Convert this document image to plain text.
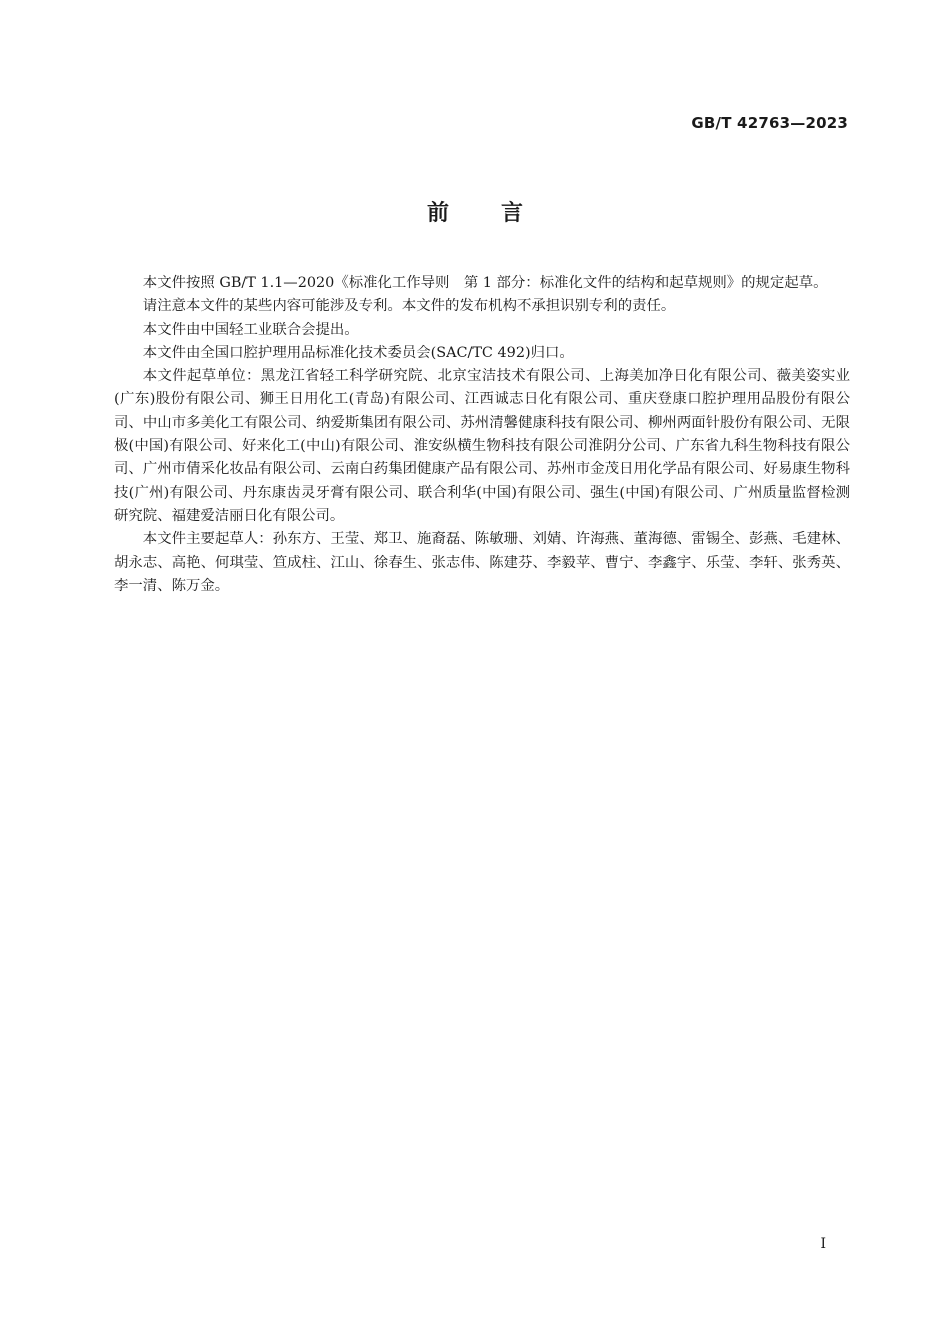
GB/T 42763—2023
前言

本文件按照 GB/T 1.1—2020《标准化工作导则　第 1 部分：标准化文件的结构和起草规则》的规定起草。

请注意本文件的某些内容可能涉及专利。本文件的发布机构不承担识别专利的责任。

本文件由中国轻工业联合会提出。

本文件由全国口腔护理用品标准化技术委员会(SAC/TC 492)归口。

本文件起草单位：黑龙江省轻工科学研究院、北京宝洁技术有限公司、上海美加净日化有限公司、薇美姿实业(广东)股份有限公司、狮王日用化工(青岛)有限公司、江西诚志日化有限公司、重庆登康口腔护理用品股份有限公司、中山市多美化工有限公司、纳爱斯集团有限公司、苏州清馨健康科技有限公司、柳州两面针股份有限公司、无限极(中国)有限公司、好来化工(中山)有限公司、淮安纵横生物科技有限公司淮阴分公司、广东省九科生物科技有限公司、广州市倩采化妆品有限公司、云南白药集团健康产品有限公司、苏州市金茂日用化学品有限公司、好易康生物科技(广州)有限公司、丹东康齿灵牙膏有限公司、联合利华(中国)有限公司、强生(中国)有限公司、广州质量监督检测研究院、福建爱洁丽日化有限公司。

本文件主要起草人：孙东方、王莹、郑卫、施裔磊、陈敏珊、刘婧、许海燕、董海德、雷锡全、彭燕、毛建林、胡永志、高艳、何琪莹、笪成柱、江山、徐春生、张志伟、陈建芬、李毅苹、曹宁、李鑫宇、乐莹、李轩、张秀英、李一清、陈万金。

I
